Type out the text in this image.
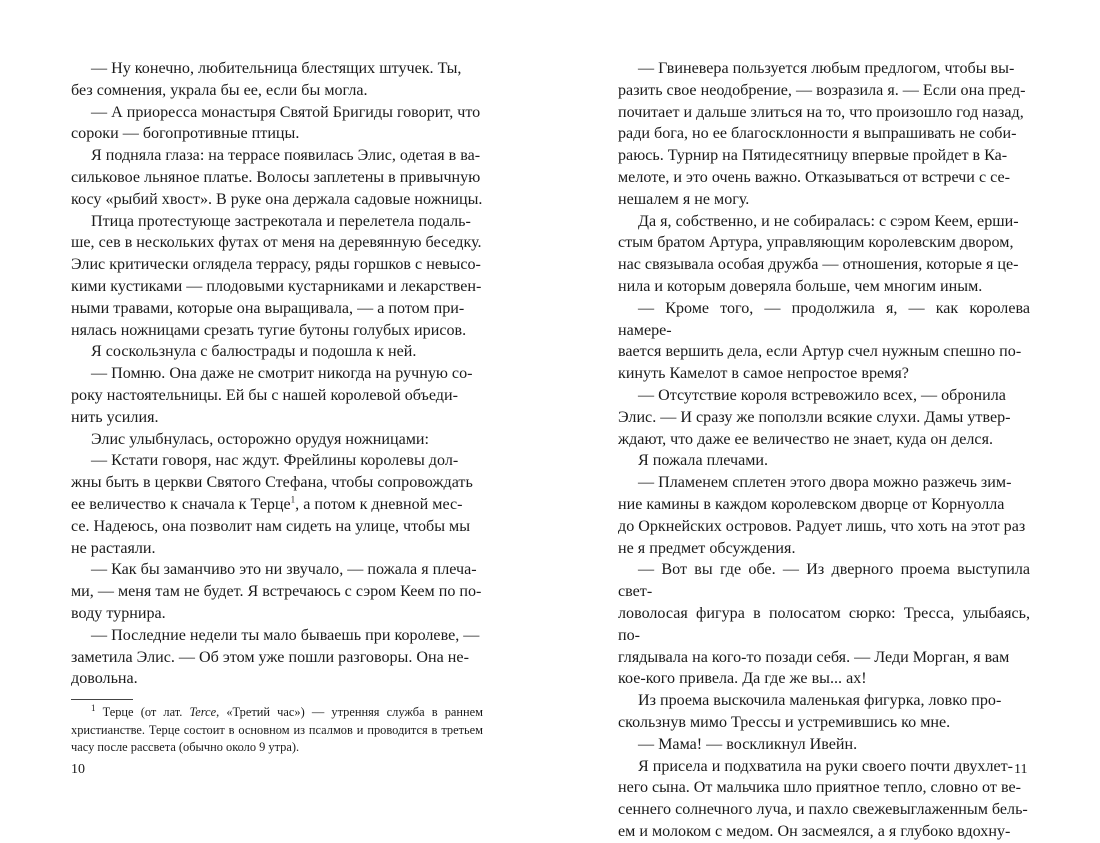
— Ну конечно, любительница блестящих штучек. Ты,
без сомнения, украла бы ее, если бы могла.

— А приоресса монастыря Святой Бригиды говорит, что
сороки — богопротивные птицы.

Я подняла глаза: на террасе появилась Элис, одетая в ва-
сильковое льняное платье. Волосы заплетены в привычную
косу «рыбий хвост». В руке она держала садовые ножницы.

Птица протестующе застрекотала и перелетела подаль-
ше, сев в нескольких футах от меня на деревянную беседку.
Элис критически оглядела террасу, ряды горшков с невысо-
кими кустиками — плодовыми кустарниками и лекарствен-
ными травами, которые она выращивала, — а потом при-
нялась ножницами срезать тугие бутоны голубых ирисов.

Я соскользнула с балюстрады и подошла к ней.

— Помню. Она даже не смотрит никогда на ручную со-
року настоятельницы. Ей бы с нашей королевой объеди-
нить усилия.

Элис улыбнулась, осторожно орудуя ножницами:

— Кстати говоря, нас ждут. Фрейлины королевы дол-
жны быть в церкви Святого Стефана, чтобы сопровождать
ее величество к сначала к Терце$^1$, а потом к дневной мес-
се. Надеюсь, она позволит нам сидеть на улице, чтобы мы
не растаяли.

— Как бы заманчиво это ни звучало, — пожала я плеча-
ми, — меня там не будет. Я встречаюсь с сэром Кеем по по-
воду турнира.

— Последние недели ты мало бываешь при королеве, —
заметила Элис. — Об этом уже пошли разговоры. Она не-
довольна.

$^1$ Терце (от лат. Terce, «Третий час») — утренняя служба в раннем христианстве. Терце состоит в основном из псалмов и проводится в третьем часу после рассвета (обычно около 9 утра).
10

— Гвиневера пользуется любым предлогом, чтобы вы-
разить свое неодобрение, — возразила я. — Если она пред-
почитает и дальше злиться на то, что произошло год назад,
ради бога, но ее благосклонности я выпрашивать не соби-
раюсь. Турнир на Пятидесятницу впервые пройдет в Ка-
мелоте, и это очень важно. Отказываться от встречи с се-
нешалем я не могу.

Да я, собственно, и не собиралась: с сэром Кеем, ерши-
стым братом Артура, управляющим королевским двором,
нас связывала особая дружба — отношения, которые я це-
нила и которым доверяла больше, чем многим иным.

— Кроме того, — продолжила я, — как королева намере-
вается вершить дела, если Артур счел нужным спешно по-
кинуть Камелот в самое непростое время?

— Отсутствие короля встревожило всех, — обронила
Элис. — И сразу же поползли всякие слухи. Дамы утвер-
ждают, что даже ее величество не знает, куда он делся.

Я пожала плечами.

— Пламенем сплетен этого двора можно разжечь зим-
ние камины в каждом королевском дворце от Корнуолла
до Оркнейских островов. Радует лишь, что хоть на этот раз
не я предмет обсуждения.

— Вот вы где обе. — Из дверного проема выступила свет-
ловолосая фигура в полосатом сюрко: Тресса, улыбаясь, по-
глядывала на кого-то позади себя. — Леди Морган, я вам
кое-кого привела. Да где же вы... ах!

Из проема выскочила маленькая фигурка, ловко про-
скользнув мимо Трессы и устремившись ко мне.

— Мама! — воскликнул Ивейн.

Я присела и подхватила на руки своего почти двухлет-
него сына. От мальчика шло приятное тепло, словно от ве-
сеннего солнечного луча, и пахло свежевыглаженным бель-
ем и молоком с медом. Он засмеялся, а я глубоко вдохну-

11
